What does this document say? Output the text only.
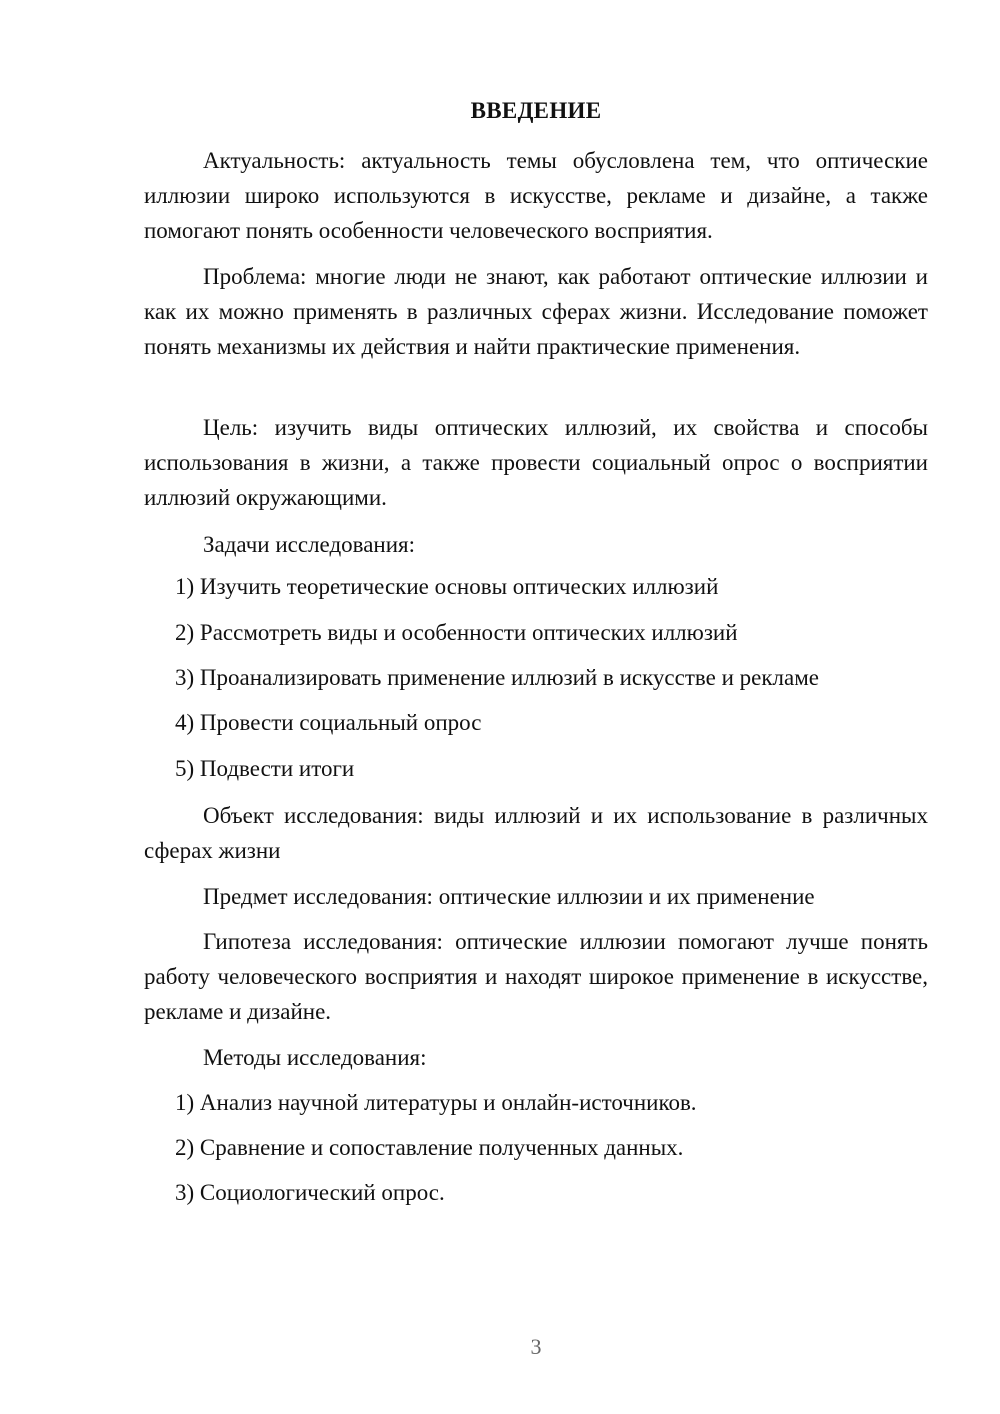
ВВЕДЕНИЕ

Актуальность: актуальность темы обусловлена тем, что оптические иллюзии широко используются в искусстве, рекламе и дизайне, а также помогают понять особенности человеческого восприятия.

Проблема: многие люди не знают, как работают оптические иллюзии и как их можно применять в различных сферах жизни. Исследование поможет понять механизмы их действия и найти практические применения.

Цель: изучить виды оптических иллюзий, их свойства и способы использования в жизни, а также провести социальный опрос о восприятии иллюзий окружающими.

Задачи исследования:

1) Изучить теоретические основы оптических иллюзий

2) Рассмотреть виды и особенности оптических иллюзий

3) Проанализировать применение иллюзий в искусстве и рекламе

4) Провести социальный опрос

5) Подвести итоги

Объект исследования: виды иллюзий и их использование в различных сферах жизни

Предмет исследования: оптические иллюзии и их применение

Гипотеза исследования: оптические иллюзии помогают лучше понять работу человеческого восприятия и находят широкое применение в искусстве, рекламе и дизайне.

Методы исследования:

1) Анализ научной литературы и онлайн-источников.

2) Сравнение и сопоставление полученных данных.

3) Социологический опрос.

3
